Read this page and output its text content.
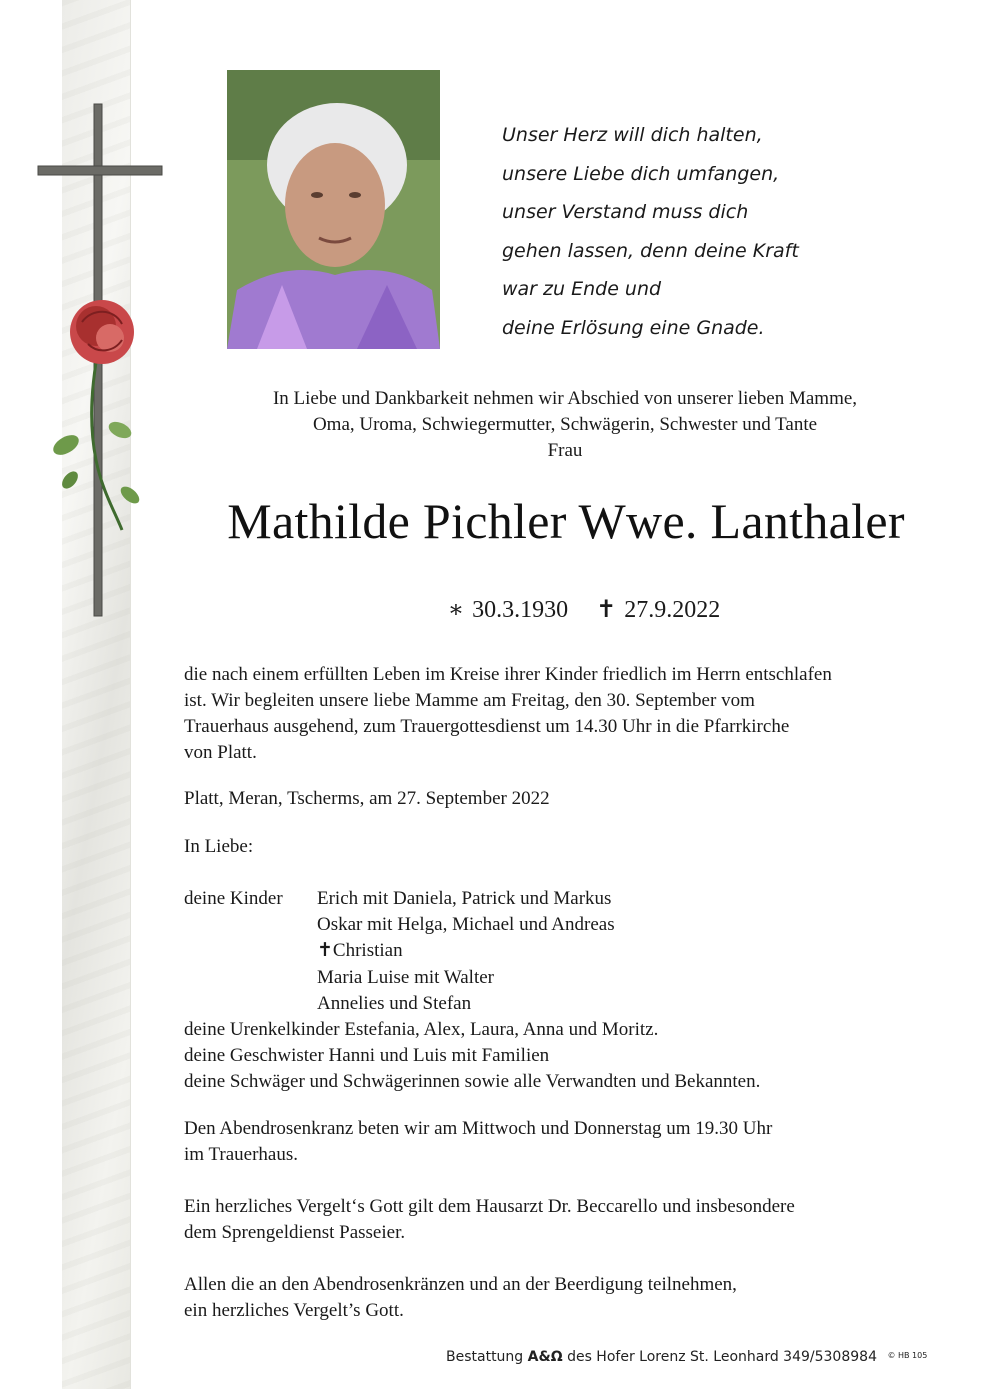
Unser Herz will dich halten,
unsere Liebe dich umfangen,
unser Verstand muss dich
gehen lassen, denn deine Kraft
war zu Ende und
deine Erlösung eine Gnade.
In Liebe und Dankbarkeit nehmen wir Abschied von unserer lieben Mamme,
Oma, Uroma, Schwiegermutter, Schwägerin, Schwester und Tante
Frau
Mathilde Pichler Wwe. Lanthaler
∗ 30.3.1930 ✝ 27.9.2022
die nach einem erfüllten Leben im Kreise ihrer Kinder friedlich im Herrn entschlafen
ist. Wir begleiten unsere liebe Mamme am Freitag, den 30. September vom
Trauerhaus ausgehend, zum Trauergottesdienst um 14.30 Uhr in die Pfarrkirche
von Platt.
Platt, Meran, Tscherms, am 27. September 2022
In Liebe:
deine Kinder Erich mit Daniela, Patrick und Markus
Oskar mit Helga, Michael und Andreas
✝Christian
Maria Luise mit Walter
Annelies und Stefan
deine Urenkelkinder Estefania, Alex, Laura, Anna und Moritz.
deine Geschwister Hanni und Luis mit Familien
deine Schwäger und Schwägerinnen sowie alle Verwandten und Bekannten.
Den Abendrosenkranz beten wir am Mittwoch und Donnerstag um 19.30 Uhr
im Trauerhaus.
Ein herzliches Vergelt‘s Gott gilt dem Hausarzt Dr. Beccarello und insbesondere
dem Sprengeldienst Passeier.
Allen die an den Abendrosenkränzen und an der Beerdigung teilnehmen,
ein herzliches Vergelt’s Gott.
Bestattung A&Ω des Hofer Lorenz St. Leonhard 349/5308984 $^{© HB 105}$
